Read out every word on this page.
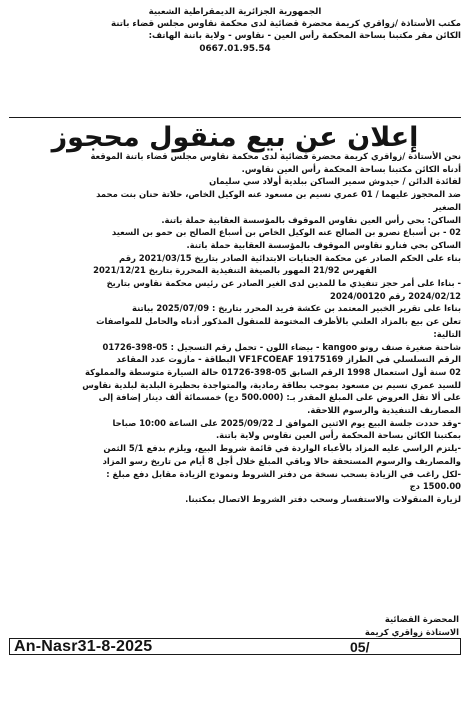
الجمهورية الجزائرية الديمقراطية الشعبية
مكتب الأستاذة /زواقري كريمة محضرة قضائية لدى محكمة نقاوس مجلس قضاء باتنة
الكائن مقر مكتبنا بساحة المحكمة رأس العين - نقاوس - ولاية باتنة الهاتف:
0667.01.95.54
إعلان عن بيع منقول محجوز
نحن الأستاذة /زواقري كريمة محضرة قضائية لدى محكمة نقاوس مجلس قضاء باتنة الموقعة
أدناه الكائن مكتبنا بساحة المحكمة رأس العين نقاوس.
لفائدة الدائن / حيدوش سمير الساكن ببلدية أولاد سي سليمان
ضد المحجوز عليهما / 01 عمري نسيم بن مسعود عنه الوكيل الخاص، حلاتة حنان بنت محمد
الصغير
الساكن: بحي رأس العين نقاوس الموقوف بالمؤسسة العقابية حملة باتنة.
02 - بن أسباع نصرو بن الصالح عنه الوكيل الخاص بن أسباع الصالح بن حمو بن السعيد
الساكن بحي فنارو نقاوس الموقوف بالمؤسسة العقابية حملة باتنة.
بناء على الحكم الصادر عن محكمة الجنايات الابتدائية الصادر بتاريخ 2021/03/15 رقم
الفهرس 21/92 المهور بالصيغة التنفيذية المحررة بتاريخ 2021/12/21
- بناءا على أمر حجز تنفيذي ما للمدين لدى الغير الصادر عن رئيس محكمة نقاوس بتاريخ
2024/02/12 رقم 2024/00120
بناءا على تقرير الخبير المعتمد بن عكشة فريد المحرر بتاريخ : 2025/07/09 بباتنة
تعلن عن بيع بالمزاد العلني بالأظرف المختومة للمنقول المذكور أدناه والحامل للمواصفات
التالية:
شاحنة صغيرة صنف رونو kangoo - بيضاء اللون - تحمل رقم التسجيل : 05-398-01726
الرقم التسلسلي في الطراز 19175169 VF1FCOEAF البطاقة - مازوت عدد المقاعد
02 سنة أول استعمال 1998 الرقم السابق 05-398-01726 حالة السيارة متوسطة والمملوكة
للسيد عمري نسيم بن مسعود بموجب بطاقة رمادية، والمتواجدة بحظيرة البلدية لبلدية نقاوس
على ألا تقل العروض على المبلغ المقدر بـ: (500.000 دج) خمسمائة ألف دينار إضافة إلى
المصاريف التنفيذية والرسوم اللاحقة.
-وقد حددت جلسة البيع يوم الاثنين الموافق لـ 2025/09/22 على الساعة 10:00 صباحا
بمكتبنا الكائن بساحة المحكمة رأس العين نقاوس ولاية باتنة.
-يلتزم الراسي عليه المزاد بالأعباء الواردة في قائمة شروط البيع، ويلزم بدفع 5/1 الثمن
والمصاريف والرسوم المستحقة حالا وباقي المبلغ خلال أجل 8 أيام من تاريخ رسو المزاد
-لكل راغب في الزيادة بسحب نسخة من دفتر الشروط ونموذج الزيادة مقابل دفع مبلغ :
1500.00 دج
لزيارة المنقولات والاستفسار وسحب دفتر الشروط الاتصال بمكتبنا.
المحضرة القضائية
الاستاذة زواقري كريمة
An-Nasr31-8-2025	05/
